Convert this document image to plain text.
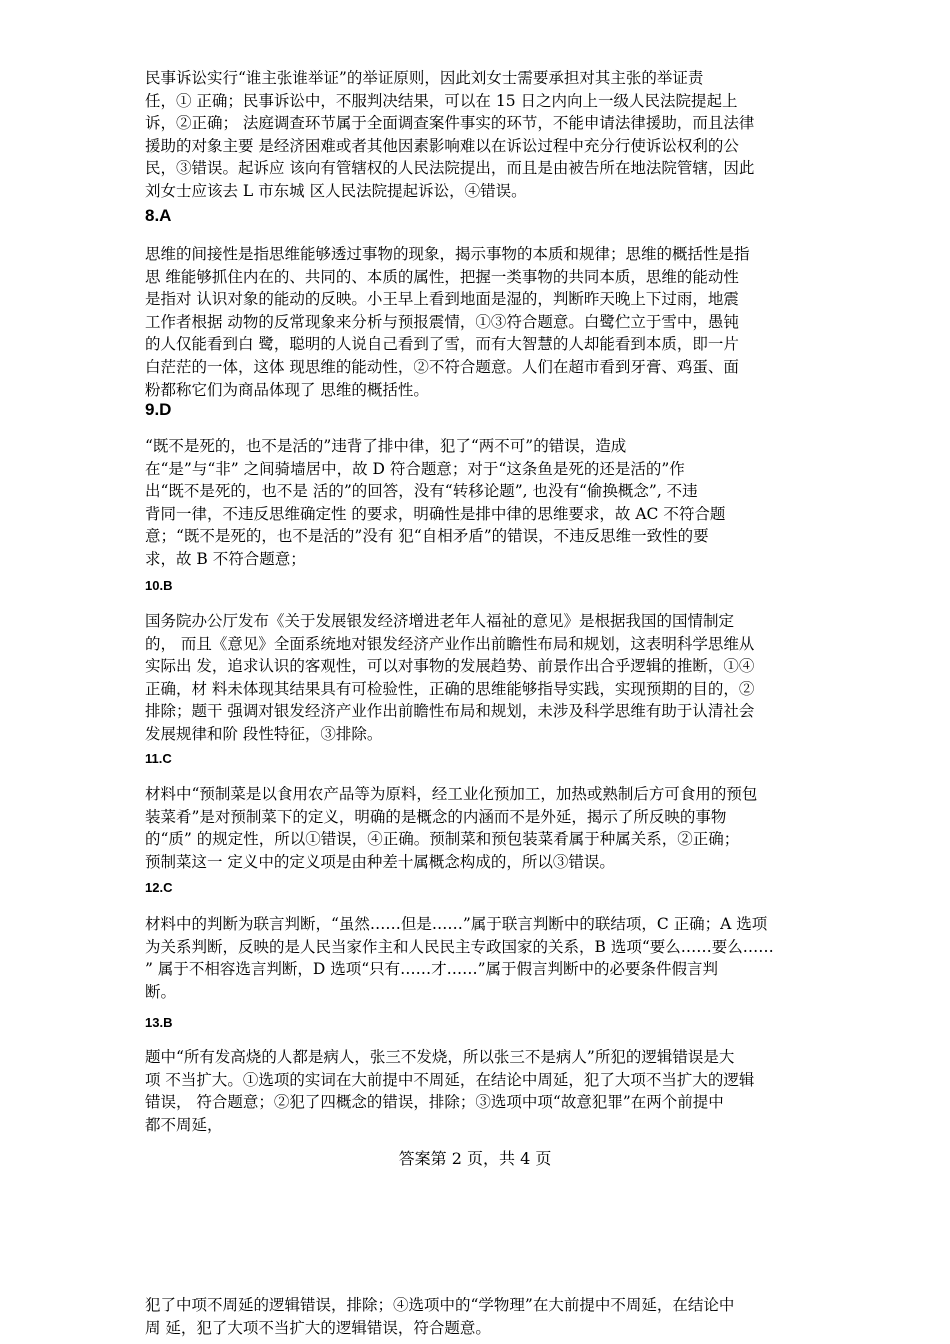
民事诉讼实行“谁主张谁举证”的举证原则，因此刘女士需要承担对其主张的举证责
任，① 正确；民事诉讼中，不服判决结果，可以在 15 日之内向上一级人民法院提起上
诉，②正确； 法庭调查环节属于全面调查案件事实的环节，不能申请法律援助，而且法律
援助的对象主要 是经济困难或者其他因素影响难以在诉讼过程中充分行使诉讼权利的公
民，③错误。起诉应 该向有管辖权的人民法院提出，而且是由被告所在地法院管辖，因此
刘女士应该去 L 市东城 区人民法院提起诉讼，④错误。
8.A
思维的间接性是指思维能够透过事物的现象，揭示事物的本质和规律；思维的概括性是指
思 维能够抓住内在的、共同的、本质的属性，把握一类事物的共同本质，思维的能动性
是指对 认识对象的能动的反映。小王早上看到地面是湿的，判断昨天晚上下过雨，地震
工作者根据 动物的反常现象来分析与预报震情，①③符合题意。白鹭伫立于雪中，愚钝
的人仅能看到白 鹭，聪明的人说自己看到了雪，而有大智慧的人却能看到本质，即一片
白茫茫的一体，这体 现思维的能动性，②不符合题意。人们在超市看到牙膏、鸡蛋、面
粉都称它们为商品体现了 思维的概括性。
9.D
“既不是死的，也不是活的”违背了排中律，犯了“两不可”的错误，造成
在“是”与“非” 之间骑墙居中，故 D 符合题意；对于“这条鱼是死的还是活的”作
出“既不是死的，也不是 活的”的回答，没有“转移论题”, 也没有“偷换概念”, 不违
背同一律，不违反思维确定性 的要求，明确性是排中律的思维要求，故 AC 不符合题
意；“既不是死的，也不是活的”没有 犯“自相矛盾”的错误，不违反思维一致性的要
求，故 B 不符合题意；
10.B
国务院办公厅发布《关于发展银发经济增进老年人福祉的意见》是根据我国的国情制定
的， 而且《意见》全面系统地对银发经济产业作出前瞻性布局和规划，这表明科学思维从
实际出 发，追求认识的客观性，可以对事物的发展趋势、前景作出合乎逻辑的推断，①④
正确，材 料未体现其结果具有可检验性，正确的思维能够指导实践，实现预期的目的，②
排除；题干 强调对银发经济产业作出前瞻性布局和规划，未涉及科学思维有助于认清社会
发展规律和阶 段性特征，③排除。
11.C
材料中“预制菜是以食用农产品等为原料，经工业化预加工，加热或熟制后方可食用的预包
装菜肴”是对预制菜下的定义，明确的是概念的内涵而不是外延，揭示了所反映的事物
的“质” 的规定性，所以①错误，④正确。预制菜和预包装菜肴属于种属关系，②正确；
预制菜这一 定义中的定义项是由种差十属概念构成的，所以③错误。
12.C
材料中的判断为联言判断，“虽然……但是……”属于联言判断中的联结项，C 正确；A 选项
为关系判断，反映的是人民当家作主和人民民主专政国家的关系，B 选项“要么……要么……
” 属于不相容选言判断，D 选项“只有……才……”属于假言判断中的必要条件假言判
断。
13.B
题中“所有发高烧的人都是病人，张三不发烧，所以张三不是病人”所犯的逻辑错误是大
项 不当扩大。①选项的实词在大前提中不周延，在结论中周延，犯了大项不当扩大的逻辑
错误， 符合题意；②犯了四概念的错误，排除；③选项中项“故意犯罪”在两个前提中
都不周延，
答案第 2 页，共 4 页
犯了中项不周延的逻辑错误，排除；④选项中的“学物理”在大前提中不周延，在结论中
周 延，犯了大项不当扩大的逻辑错误，符合题意。
